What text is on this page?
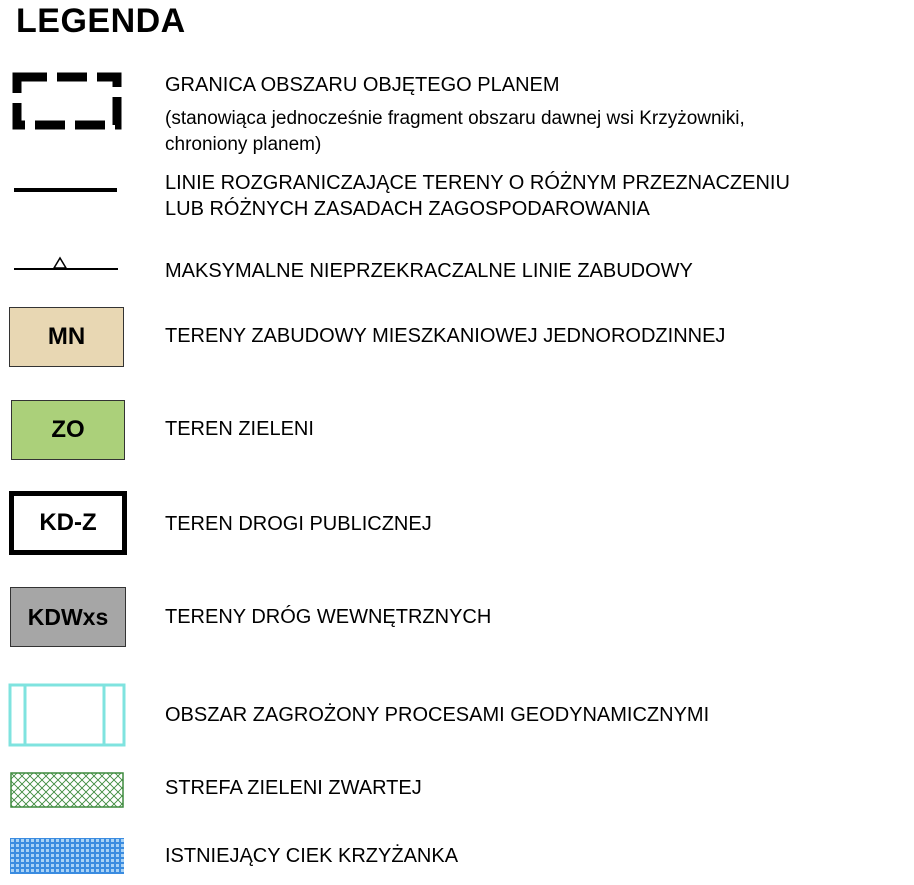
LEGENDA
GRANICA OBSZARU OBJĘTEGO PLANEM
(stanowiąca jednocześnie fragment obszaru dawnej wsi Krzyżowniki,
chroniony planem)
LINIE ROZGRANICZAJĄCE TERENY O RÓŻNYM PRZEZNACZENIU
LUB RÓŻNYCH ZASADACH ZAGOSPODAROWANIA
MAKSYMALNE NIEPRZEKRACZALNE LINIE ZABUDOWY
MN	TERENY ZABUDOWY MIESZKANIOWEJ JEDNORODZINNEJ
ZO	TEREN ZIELENI
KD-Z	TEREN DROGI PUBLICZNEJ
KDWxs	TERENY DRÓG WEWNĘTRZNYCH
OBSZAR ZAGROŻONY PROCESAMI GEODYNAMICZNYMI
STREFA ZIELENI ZWARTEJ
ISTNIEJĄCY CIEK KRZYŻANKA
